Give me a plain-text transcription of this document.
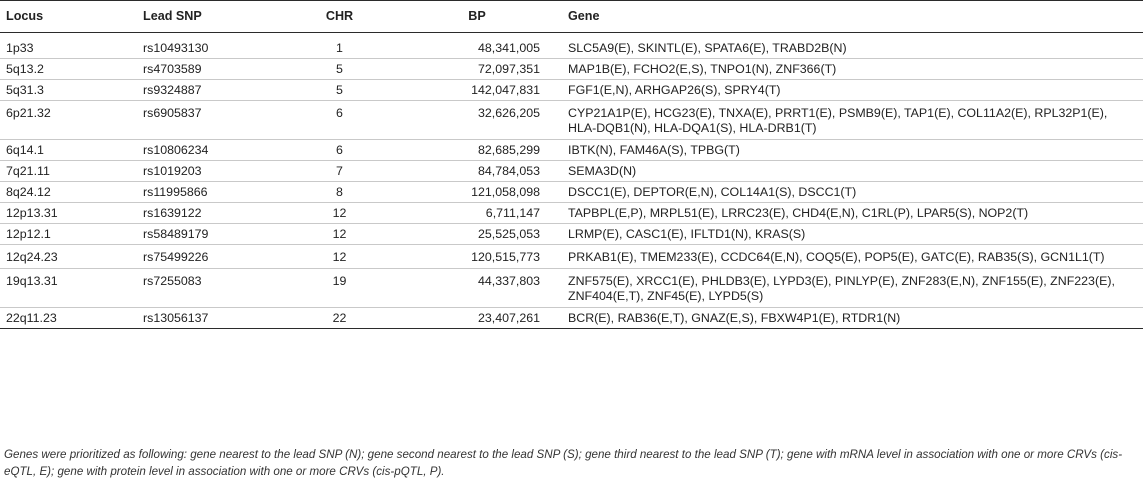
Locus	Lead SNP	CHR	BP	Gene
1p33	rs10493130	1	48,341,005	SLC5A9(E), SKINTL(E), SPATA6(E), TRABD2B(N)
5q13.2	rs4703589	5	72,097,351	MAP1B(E), FCHO2(E,S), TNPO1(N), ZNF366(T)
5q31.3	rs9324887	5	142,047,831	FGF1(E,N), ARHGAP26(S), SPRY4(T)
6p21.32	rs6905837	6	32,626,205	CYP21A1P(E), HCG23(E), TNXA(E), PRRT1(E), PSMB9(E), TAP1(E), COL11A2(E), RPL32P1(E), HLA-DQB1(N), HLA-DQA1(S), HLA-DRB1(T)
6q14.1	rs10806234	6	82,685,299	IBTK(N), FAM46A(S), TPBG(T)
7q21.11	rs1019203	7	84,784,053	SEMA3D(N)
8q24.12	rs11995866	8	121,058,098	DSCC1(E), DEPTOR(E,N), COL14A1(S), DSCC1(T)
12p13.31	rs1639122	12	6,711,147	TAPBPL(E,P), MRPL51(E), LRRC23(E), CHD4(E,N), C1RL(P), LPAR5(S), NOP2(T)
12p12.1	rs58489179	12	25,525,053	LRMP(E), CASC1(E), IFLTD1(N), KRAS(S)
12q24.23	rs75499226	12	120,515,773	PRKAB1(E), TMEM233(E), CCDC64(E,N), COQ5(E), POP5(E), GATC(E), RAB35(S), GCN1L1(T)
19q13.31	rs7255083	19	44,337,803	ZNF575(E), XRCC1(E), PHLDB3(E), LYPD3(E), PINLYP(E), ZNF283(E,N), ZNF155(E), ZNF223(E), ZNF404(E,T), ZNF45(E), LYPD5(S)
22q11.23	rs13056137	22	23,407,261	BCR(E), RAB36(E,T), GNAZ(E,S), FBXW4P1(E), RTDR1(N)
Genes were prioritized as following: gene nearest to the lead SNP (N); gene second nearest to the lead SNP (S); gene third nearest to the lead SNP (T); gene with mRNA level in association with one or more CRVs (cis-eQTL, E); gene with protein level in association with one or more CRVs (cis-pQTL, P).
